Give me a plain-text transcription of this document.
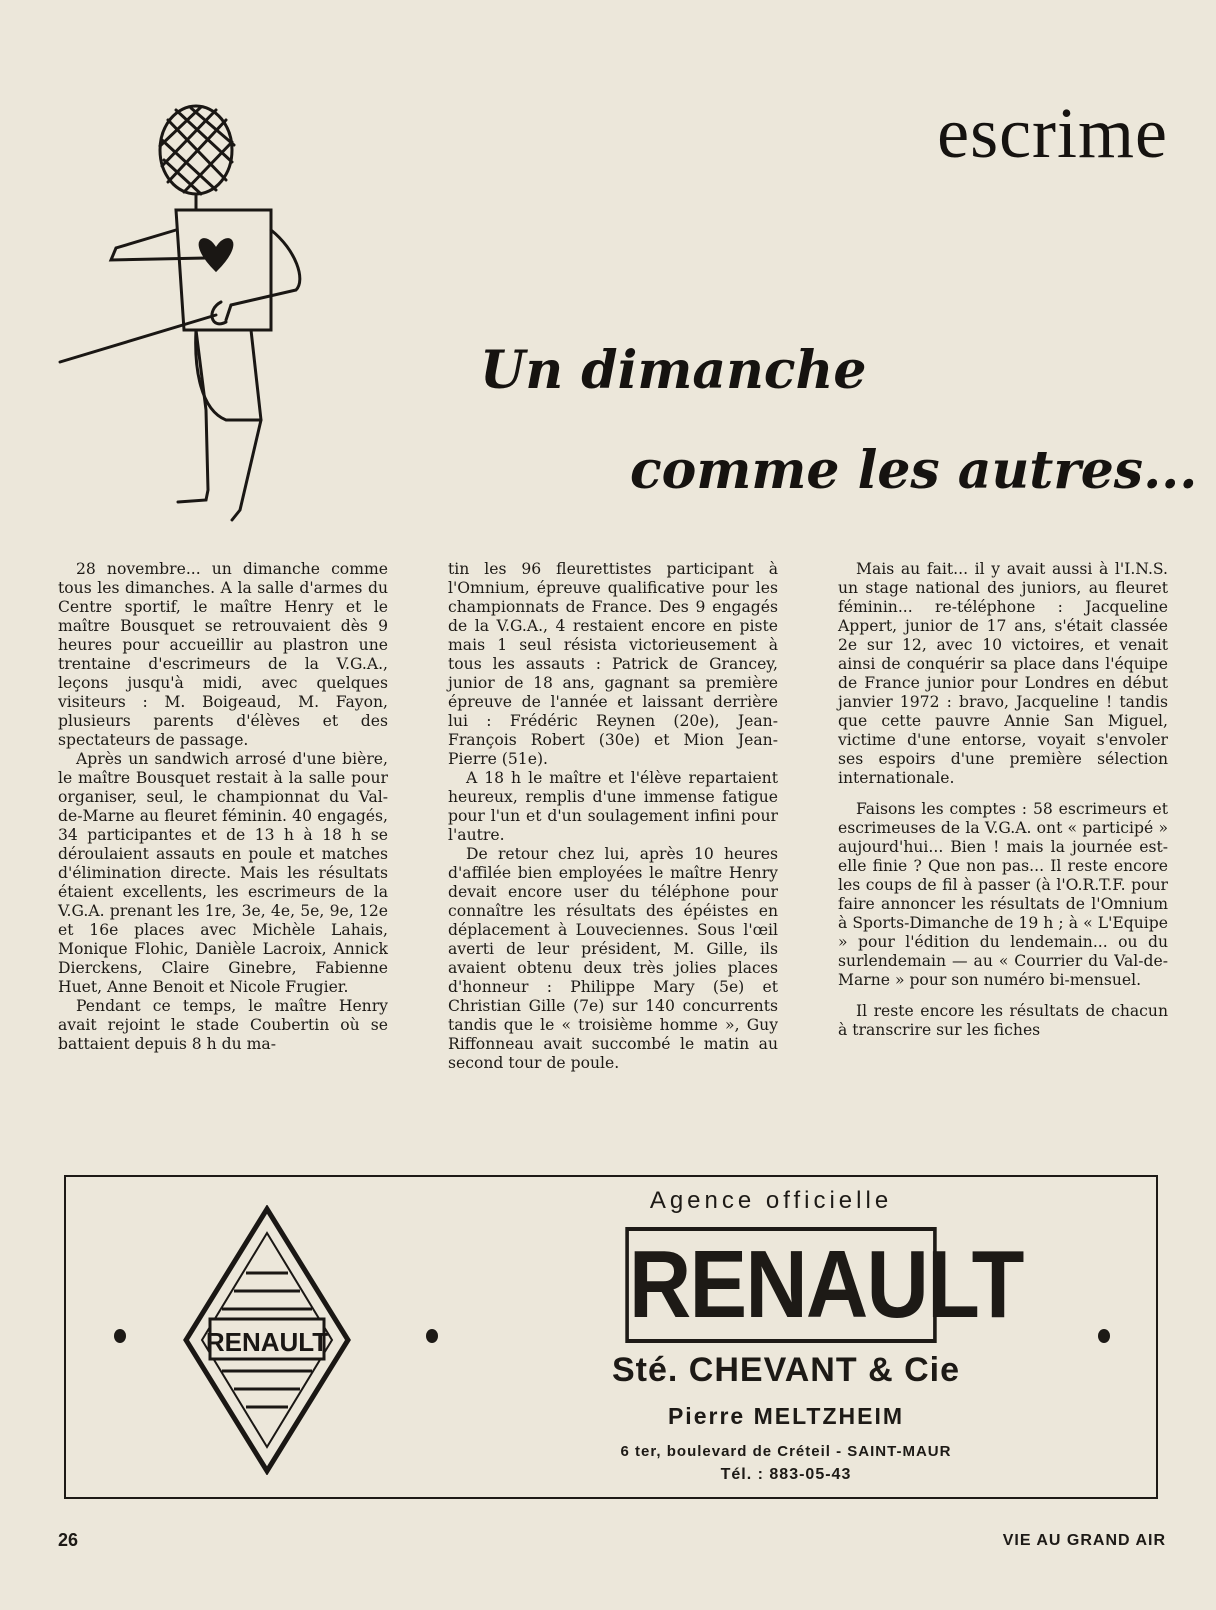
escrime
Un dimanche
comme les autres...

28 novembre... un dimanche comme tous les dimanches. A la salle d'armes du Centre sportif, le maître Henry et le maître Bousquet se retrouvaient dès 9 heures pour accueillir au plastron une trentaine d'escrimeurs de la V.G.A., leçons jusqu'à midi, avec quelques visiteurs : M. Boigeaud, M. Fayon, plusieurs parents d'élèves et des spectateurs de passage.

Après un sandwich arrosé d'une bière, le maître Bousquet restait à la salle pour organiser, seul, le championnat du Val-de-Marne au fleuret féminin. 40 engagés, 34 participantes et de 13 h à 18 h se déroulaient assauts en poule et matches d'élimination directe. Mais les résultats étaient excellents, les escrimeurs de la V.G.A. prenant les 1re, 3e, 4e, 5e, 9e, 12e et 16e places avec Michèle Lahais, Monique Flohic, Danièle Lacroix, Annick Dierckens, Claire Ginebre, Fabienne Huet, Anne Benoit et Nicole Frugier.

Pendant ce temps, le maître Henry avait rejoint le stade Coubertin où se battaient depuis 8 h du ma-

tin les 96 fleurettistes participant à l'Omnium, épreuve qualificative pour les championnats de France. Des 9 engagés de la V.G.A., 4 restaient encore en piste mais 1 seul résista victorieusement à tous les assauts : Patrick de Grancey, junior de 18 ans, gagnant sa première épreuve de l'année et laissant derrière lui : Frédéric Reynen (20e), Jean-François Robert (30e) et Mion Jean-Pierre (51e).

A 18 h le maître et l'élève repartaient heureux, remplis d'une immense fatigue pour l'un et d'un soulagement infini pour l'autre.

De retour chez lui, après 10 heures d'affilée bien employées le maître Henry devait encore user du téléphone pour connaître les résultats des épéistes en déplacement à Louveciennes. Sous l'œil averti de leur président, M. Gille, ils avaient obtenu deux très jolies places d'honneur : Philippe Mary (5e) et Christian Gille (7e) sur 140 concurrents tandis que le « troisième homme », Guy Riffonneau avait succombé le matin au second tour de poule.

Mais au fait... il y avait aussi à l'I.N.S. un stage national des juniors, au fleuret féminin... re-téléphone : Jacqueline Appert, junior de 17 ans, s'était classée 2e sur 12, avec 10 victoires, et venait ainsi de conquérir sa place dans l'équipe de France junior pour Londres en début janvier 1972 : bravo, Jacqueline ! tandis que cette pauvre Annie San Miguel, victime d'une entorse, voyait s'envoler ses espoirs d'une première sélection internationale.

Faisons les comptes : 58 escrimeurs et escrimeuses de la V.G.A. ont « participé » aujourd'hui... Bien ! mais la journée est-elle finie ? Que non pas... Il reste encore les coups de fil à passer (à l'O.R.T.F. pour faire annoncer les résultats de l'Omnium à Sports-Dimanche de 19 h ; à « L'Equipe » pour l'édition du lendemain... ou du surlendemain — au « Courrier du Val-de-Marne » pour son numéro bi-mensuel.

Il reste encore les résultats de chacun à transcrire sur les fiches

RENAULT
Agence officielle
RENAULT
Sté. CHEVANT & Cie
Pierre MELTZHEIM
6 ter, boulevard de Créteil - SAINT-MAUR
Tél. : 883-05-43
26	VIE AU GRAND AIR
